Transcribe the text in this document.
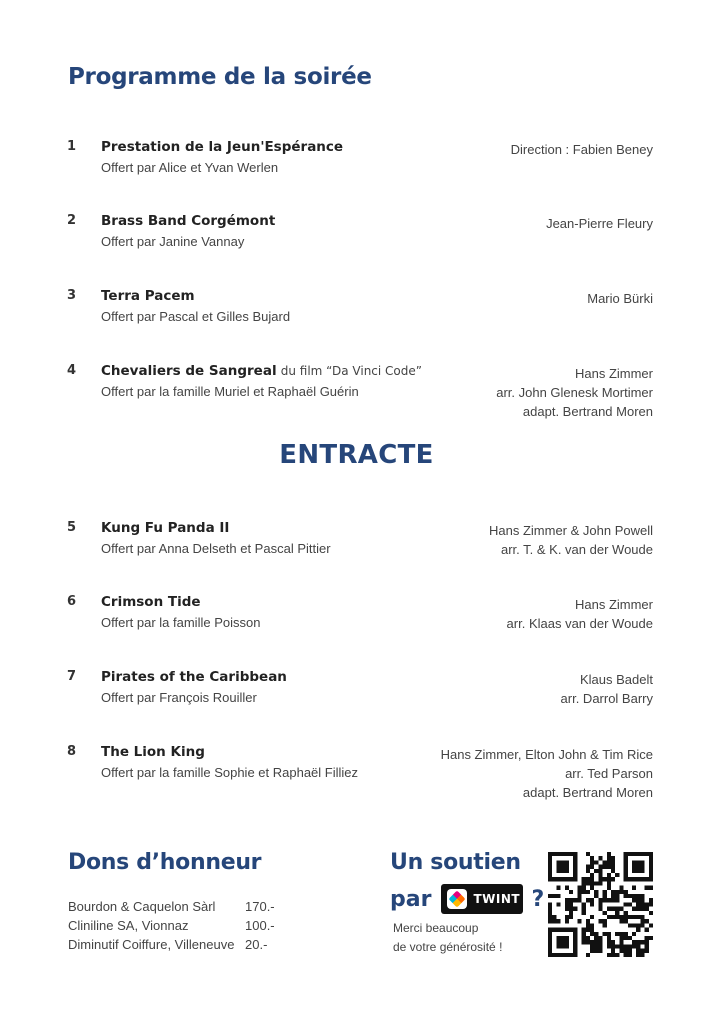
Programme de la soirée
1 Prestation de la Jeun'Espérance
Offert par Alice et Yvan Werlen
Direction : Fabien Beney
2 Brass Band Corgémont
Offert par Janine Vannay
Jean-Pierre Fleury
3 Terra Pacem
Offert par Pascal et Gilles Bujard
Mario Bürki
4 Chevaliers de Sangreal du film “Da Vinci Code”
Offert par la famille Muriel et Raphaël Guérin
Hans Zimmer
arr. John Glenesk Mortimer
adapt. Bertrand Moren
ENTRACTE
5 Kung Fu Panda II
Offert par Anna Delseth et Pascal Pittier
Hans Zimmer & John Powell
arr. T. & K. van der Woude
6 Crimson Tide
Offert par la famille Poisson
Hans Zimmer
arr. Klaas van der Woude
7 Pirates of the Caribbean
Offert par François Rouiller
Klaus Badelt
arr. Darrol Barry
8 The Lion King
Offert par la famille Sophie et Raphaël Filliez
Hans Zimmer, Elton John & Tim Rice
arr. Ted Parson
adapt. Bertrand Moren
Dons d’honneur
Bourdon & Caquelon Sàrl	170.-
Cliniline SA, Vionnaz	100.-
Diminutif Coiffure, Villeneuve 20.-
Un soutien
par	TWINT ?
Merci beaucoup
de votre générosité !
